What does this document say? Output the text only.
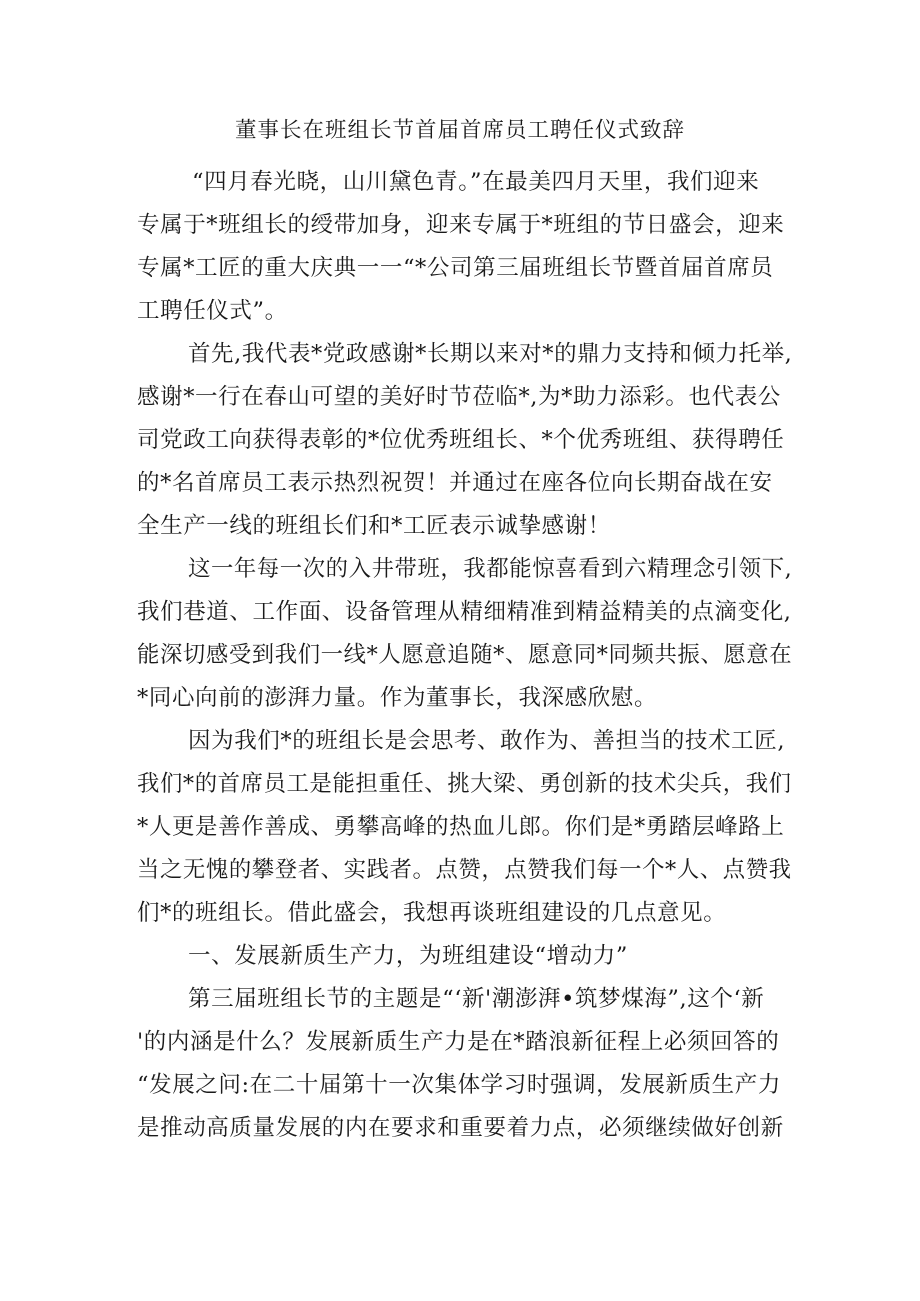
董事长在班组长节首届首席员工聘任仪式致辞
“四月春光晓，山川黛色青。”在最美四月天里，我们迎来
专属于*班组长的绶带加身，迎来专属于*班组的节日盛会，迎来
专属*工匠的重大庆典一一“*公司第三届班组长节暨首届首席员
工聘任仪式”。
首先,我代表*党政感谢*长期以来对*的鼎力支持和倾力托举,
感谢*一行在春山可望的美好时节莅临*,为*助力添彩。也代表公
司党政工向获得表彰的*位优秀班组长、*个优秀班组、获得聘任
的*名首席员工表示热烈祝贺！并通过在座各位向长期奋战在安
全生产一线的班组长们和*工匠表示诚挚感谢！
这一年每一次的入井带班，我都能惊喜看到六精理念引领下,
我们巷道、工作面、设备管理从精细精准到精益精美的点滴变化,
能深切感受到我们一线*人愿意追随*、愿意同*同频共振、愿意在
*同心向前的澎湃力量。作为董事长，我深感欣慰。
因为我们*的班组长是会思考、敢作为、善担当的技术工匠,
我们*的首席员工是能担重任、挑大梁、勇创新的技术尖兵，我们
*人更是善作善成、勇攀高峰的热血儿郎。你们是*勇踏层峰路上
当之无愧的攀登者、实践者。点赞，点赞我们每一个*人、点赞我
们*的班组长。借此盛会，我想再谈班组建设的几点意见。
一、发展新质生产力，为班组建设“增动力”
第三届班组长节的主题是“‘新'潮澎湃•筑梦煤海”,这个‘新
'的内涵是什么？发展新质生产力是在*踏浪新征程上必须回答的
“发展之问:在二十届第十一次集体学习时强调，发展新质生产力
是推动高质量发展的内在要求和重要着力点，必须继续做好创新
